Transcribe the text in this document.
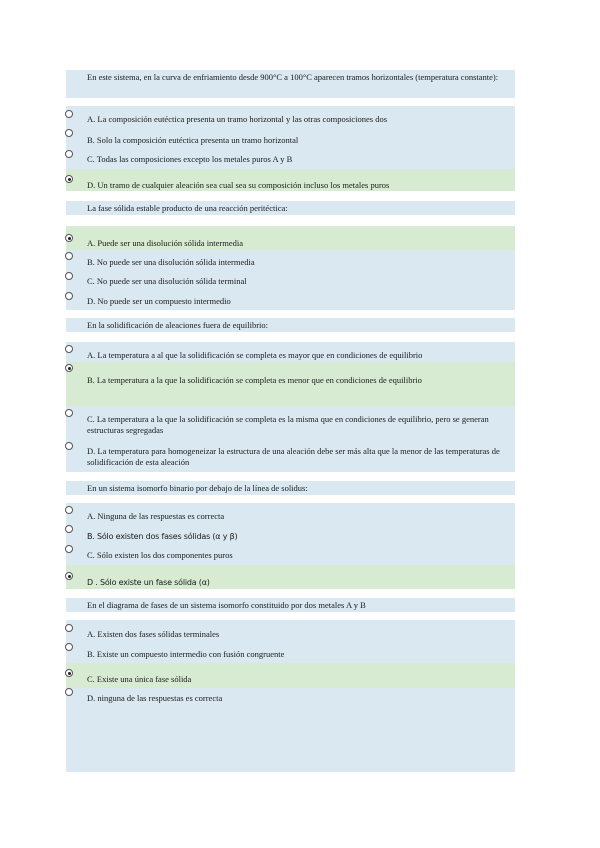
En este sistema, en la curva de enfriamiento desde 900°C a 100°C aparecen tramos horizontales (temperatura constante):
A. La composición eutéctica presenta un tramo horizontal y las otras composiciones dos
B. Solo la composición eutéctica presenta un tramo horizontal
C. Todas las composiciones excepto los metales puros A y B
D. Un tramo de cualquier aleación sea cual sea su composición incluso los metales puros
La fase sólida estable producto de una reacción peritéctica:
A. Puede ser una disolución sólida intermedia
B. No puede ser una disolución sólida intermedia
C. No puede ser una disolución sólida terminal
D. No puede ser un compuesto intermedio
En la solidificación de aleaciones fuera de equilibrio:
A. La temperatura a al que la solidificación se completa es mayor que en condiciones de equilibrio
B. La temperatura a la que la solidificación se completa es menor que en condiciones de equilibrio
C. La temperatura a la que la solidificación se completa es la misma que en condiciones de equilibrio, pero se generan estructuras segregadas
D. La temperatura para homogeneizar la estructura de una aleación debe ser más alta que la menor de las temperaturas de solidificación de esta aleación
En un sistema isomorfo binario por debajo de la línea de solidus:
A. Ninguna de las respuestas es correcta
B. Sólo existen dos fases sólidas (α y β)
C. Sólo existen los dos componentes puros
D . Sólo existe un fase sólida (α)
En el diagrama de fases de un sistema isomorfo constituido por dos metales A y B
A. Existen dos fases sólidas terminales
B. Existe un compuesto intermedio con fusión congruente
C. Existe una única fase sólida
D. ninguna de las respuestas es correcta
